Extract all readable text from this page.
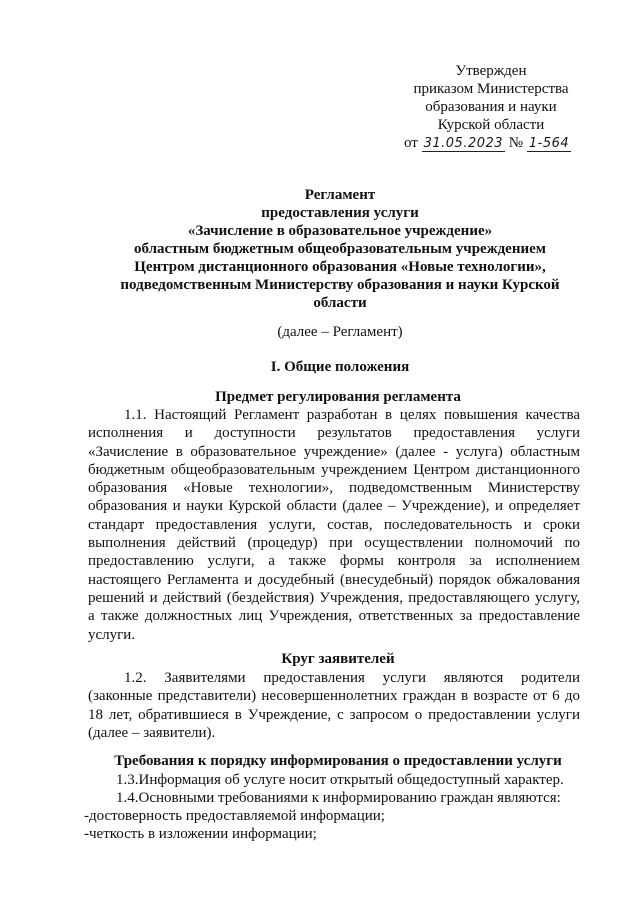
Утвержден
приказом Министерства
образования и науки
Курской области
от 31.05.2023 № 1-564
Регламент
предоставления услуги
«Зачисление в образовательное учреждение»
областным бюджетным общеобразовательным учреждением
Центром дистанционного образования «Новые технологии»,
подведомственным Министерству образования и науки Курской
области
(далее – Регламент)
I. Общие положения
Предмет регулирования регламента
1.1. Настоящий Регламент разработан в целях повышения качества
исполнения и доступности результатов предоставления услуги
«Зачисление в образовательное учреждение» (далее - услуга) областным
бюджетным общеобразовательным учреждением Центром дистанционного
образования «Новые технологии», подведомственным Министерству
образования и науки Курской области (далее – Учреждение), и определяет
стандарт предоставления услуги, состав, последовательность и сроки
выполнения действий (процедур) при осуществлении полномочий по
предоставлению услуги, а также формы контроля за исполнением
настоящего Регламента и досудебный (внесудебный) порядок обжалования
решений и действий (бездействия) Учреждения, предоставляющего услугу,
а также должностных лиц Учреждения, ответственных за предоставление
услуги.
Круг заявителей
1.2. Заявителями предоставления услуги являются родители
(законные представители) несовершеннолетних граждан в возрасте от 6 до
18 лет, обратившиеся в Учреждение, с запросом о предоставлении услуги
(далее – заявители).
Требования к порядку информирования о предоставлении услуги
1.3.Информация об услуге носит открытый общедоступный характер.
1.4.Основными требованиями к информированию граждан являются:
-достоверность предоставляемой информации;
-четкость в изложении информации;
